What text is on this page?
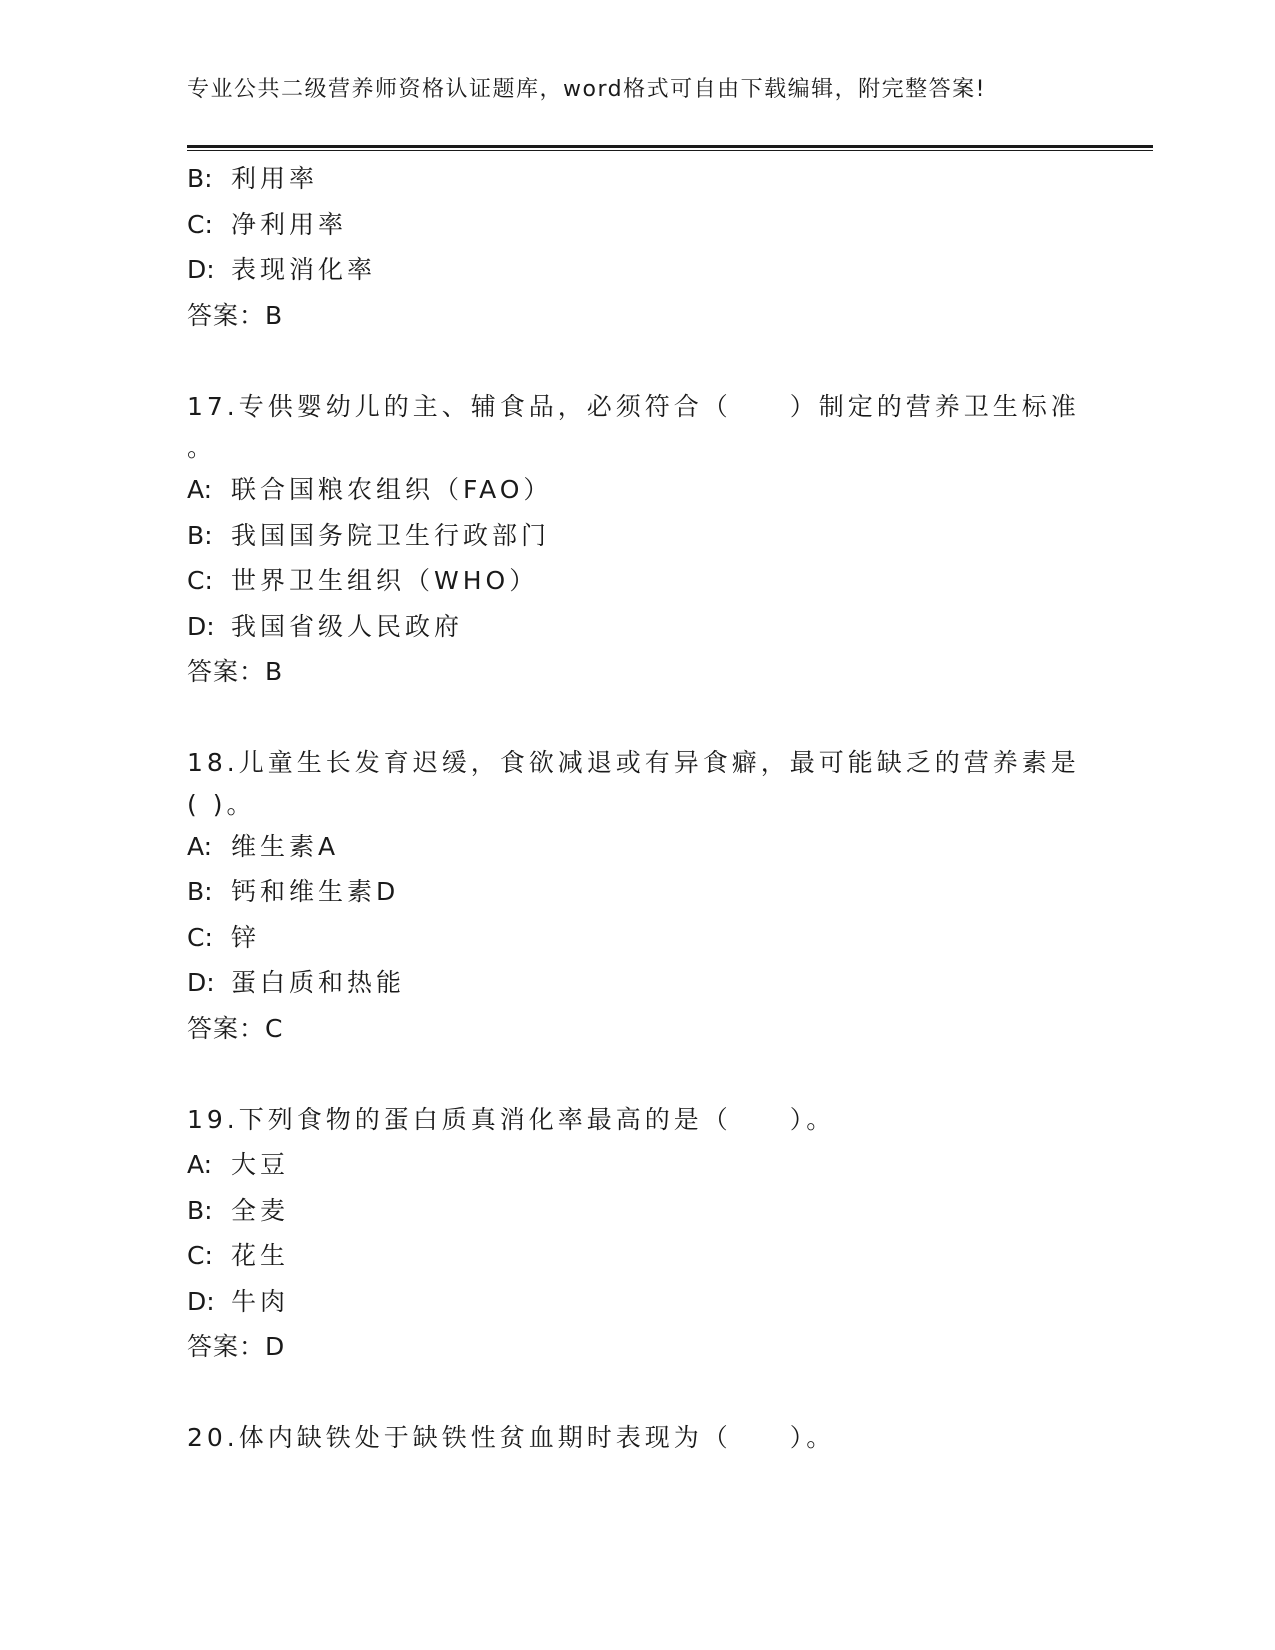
专业公共二级营养师资格认证题库，word格式可自由下载编辑，附完整答案!
B: 利用率
C: 净利用率
D: 表现消化率
答案：B
17.专供婴幼儿的主、辅食品，必须符合（　　）制定的营养卫生标准
。
A: 联合国粮农组织（FAO）
B: 我国国务院卫生行政部门
C: 世界卫生组织（WHO）
D: 我国省级人民政府
答案：B
18.儿童生长发育迟缓，食欲减退或有异食癖，最可能缺乏的营养素是
( )。
A: 维生素A
B: 钙和维生素D
C: 锌
D: 蛋白质和热能
答案：C
19.下列食物的蛋白质真消化率最高的是（　　）。
A: 大豆
B: 全麦
C: 花生
D: 牛肉
答案：D
20.体内缺铁处于缺铁性贫血期时表现为（　　）。
